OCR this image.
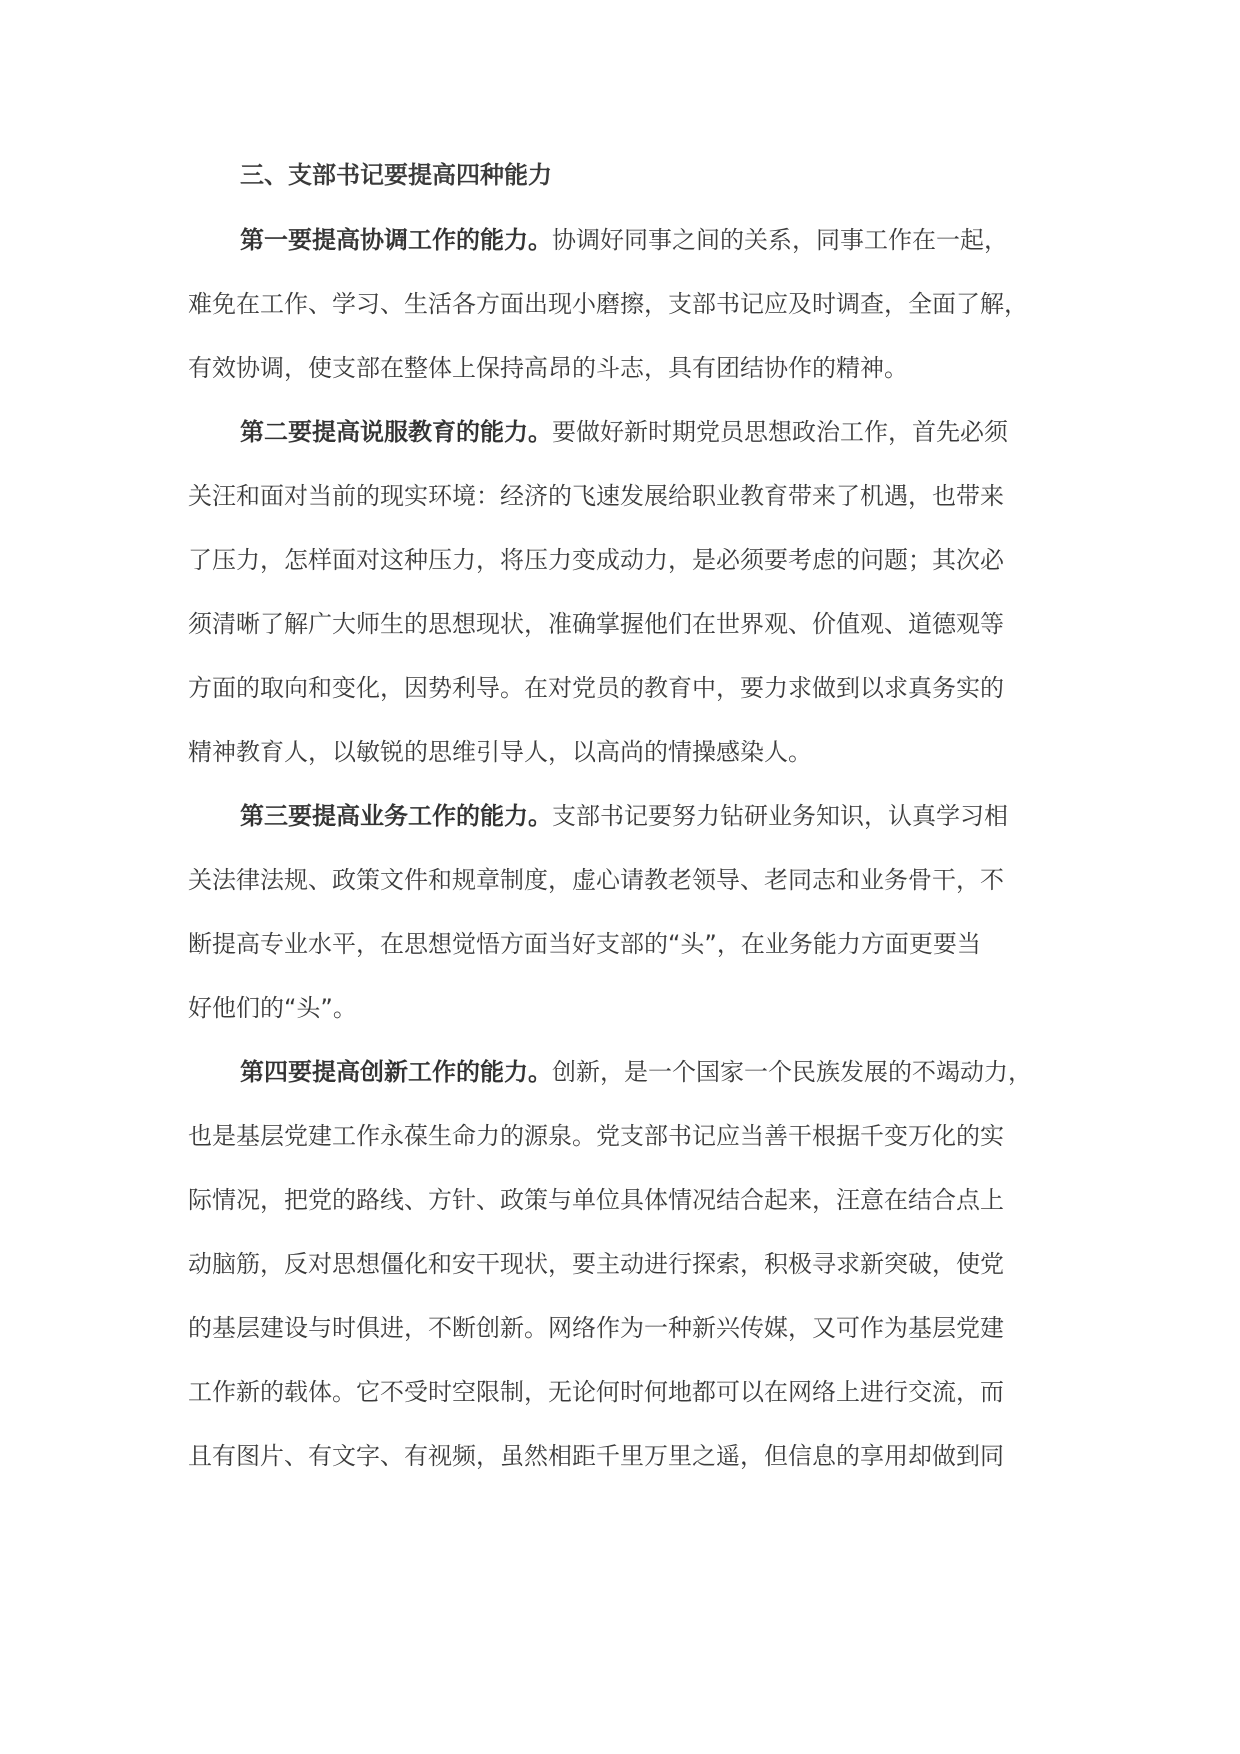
三、支部书记要提高四种能力
第一要提高协调工作的能力。协调好同事之间的关系，同事工作在一起，
难免在工作、学习、生活各方面出现小磨擦，支部书记应及时调查，全面了解，
有效协调，使支部在整体上保持高昂的斗志，具有团结协作的精神。
第二要提高说服教育的能力。要做好新时期党员思想政治工作，首先必须
关汪和面对当前的现实环境：经济的飞速发展给职业教育带来了机遇，也带来
了压力，怎样面对这种压力，将压力变成动力，是必须要考虑的问题；其次必
须清晰了解广大师生的思想现状，准确掌握他们在世界观、价值观、道德观等
方面的取向和变化，因势利导。在对党员的教育中，要力求做到以求真务实的
精神教育人，以敏锐的思维引导人，以高尚的情操感染人。
第三要提高业务工作的能力。支部书记要努力钻研业务知识，认真学习相
关法律法规、政策文件和规章制度，虚心请教老领导、老同志和业务骨干，不
断提高专业水平，在思想觉悟方面当好支部的“头”，在业务能力方面更要当
好他们的“头”。
第四要提高创新工作的能力。创新，是一个国家一个民族发展的不竭动力，
也是基层党建工作永葆生命力的源泉。党支部书记应当善干根据千变万化的实
际情况，把党的路线、方针、政策与单位具体情况结合起来，汪意在结合点上
动脑筋，反对思想僵化和安干现状，要主动进行探索，积极寻求新突破，使党
的基层建设与时俱进，不断创新。网络作为一种新兴传媒，又可作为基层党建
工作新的载体。它不受时空限制，无论何时何地都可以在网络上进行交流，而
且有图片、有文字、有视频，虽然相距千里万里之遥，但信息的享用却做到同
